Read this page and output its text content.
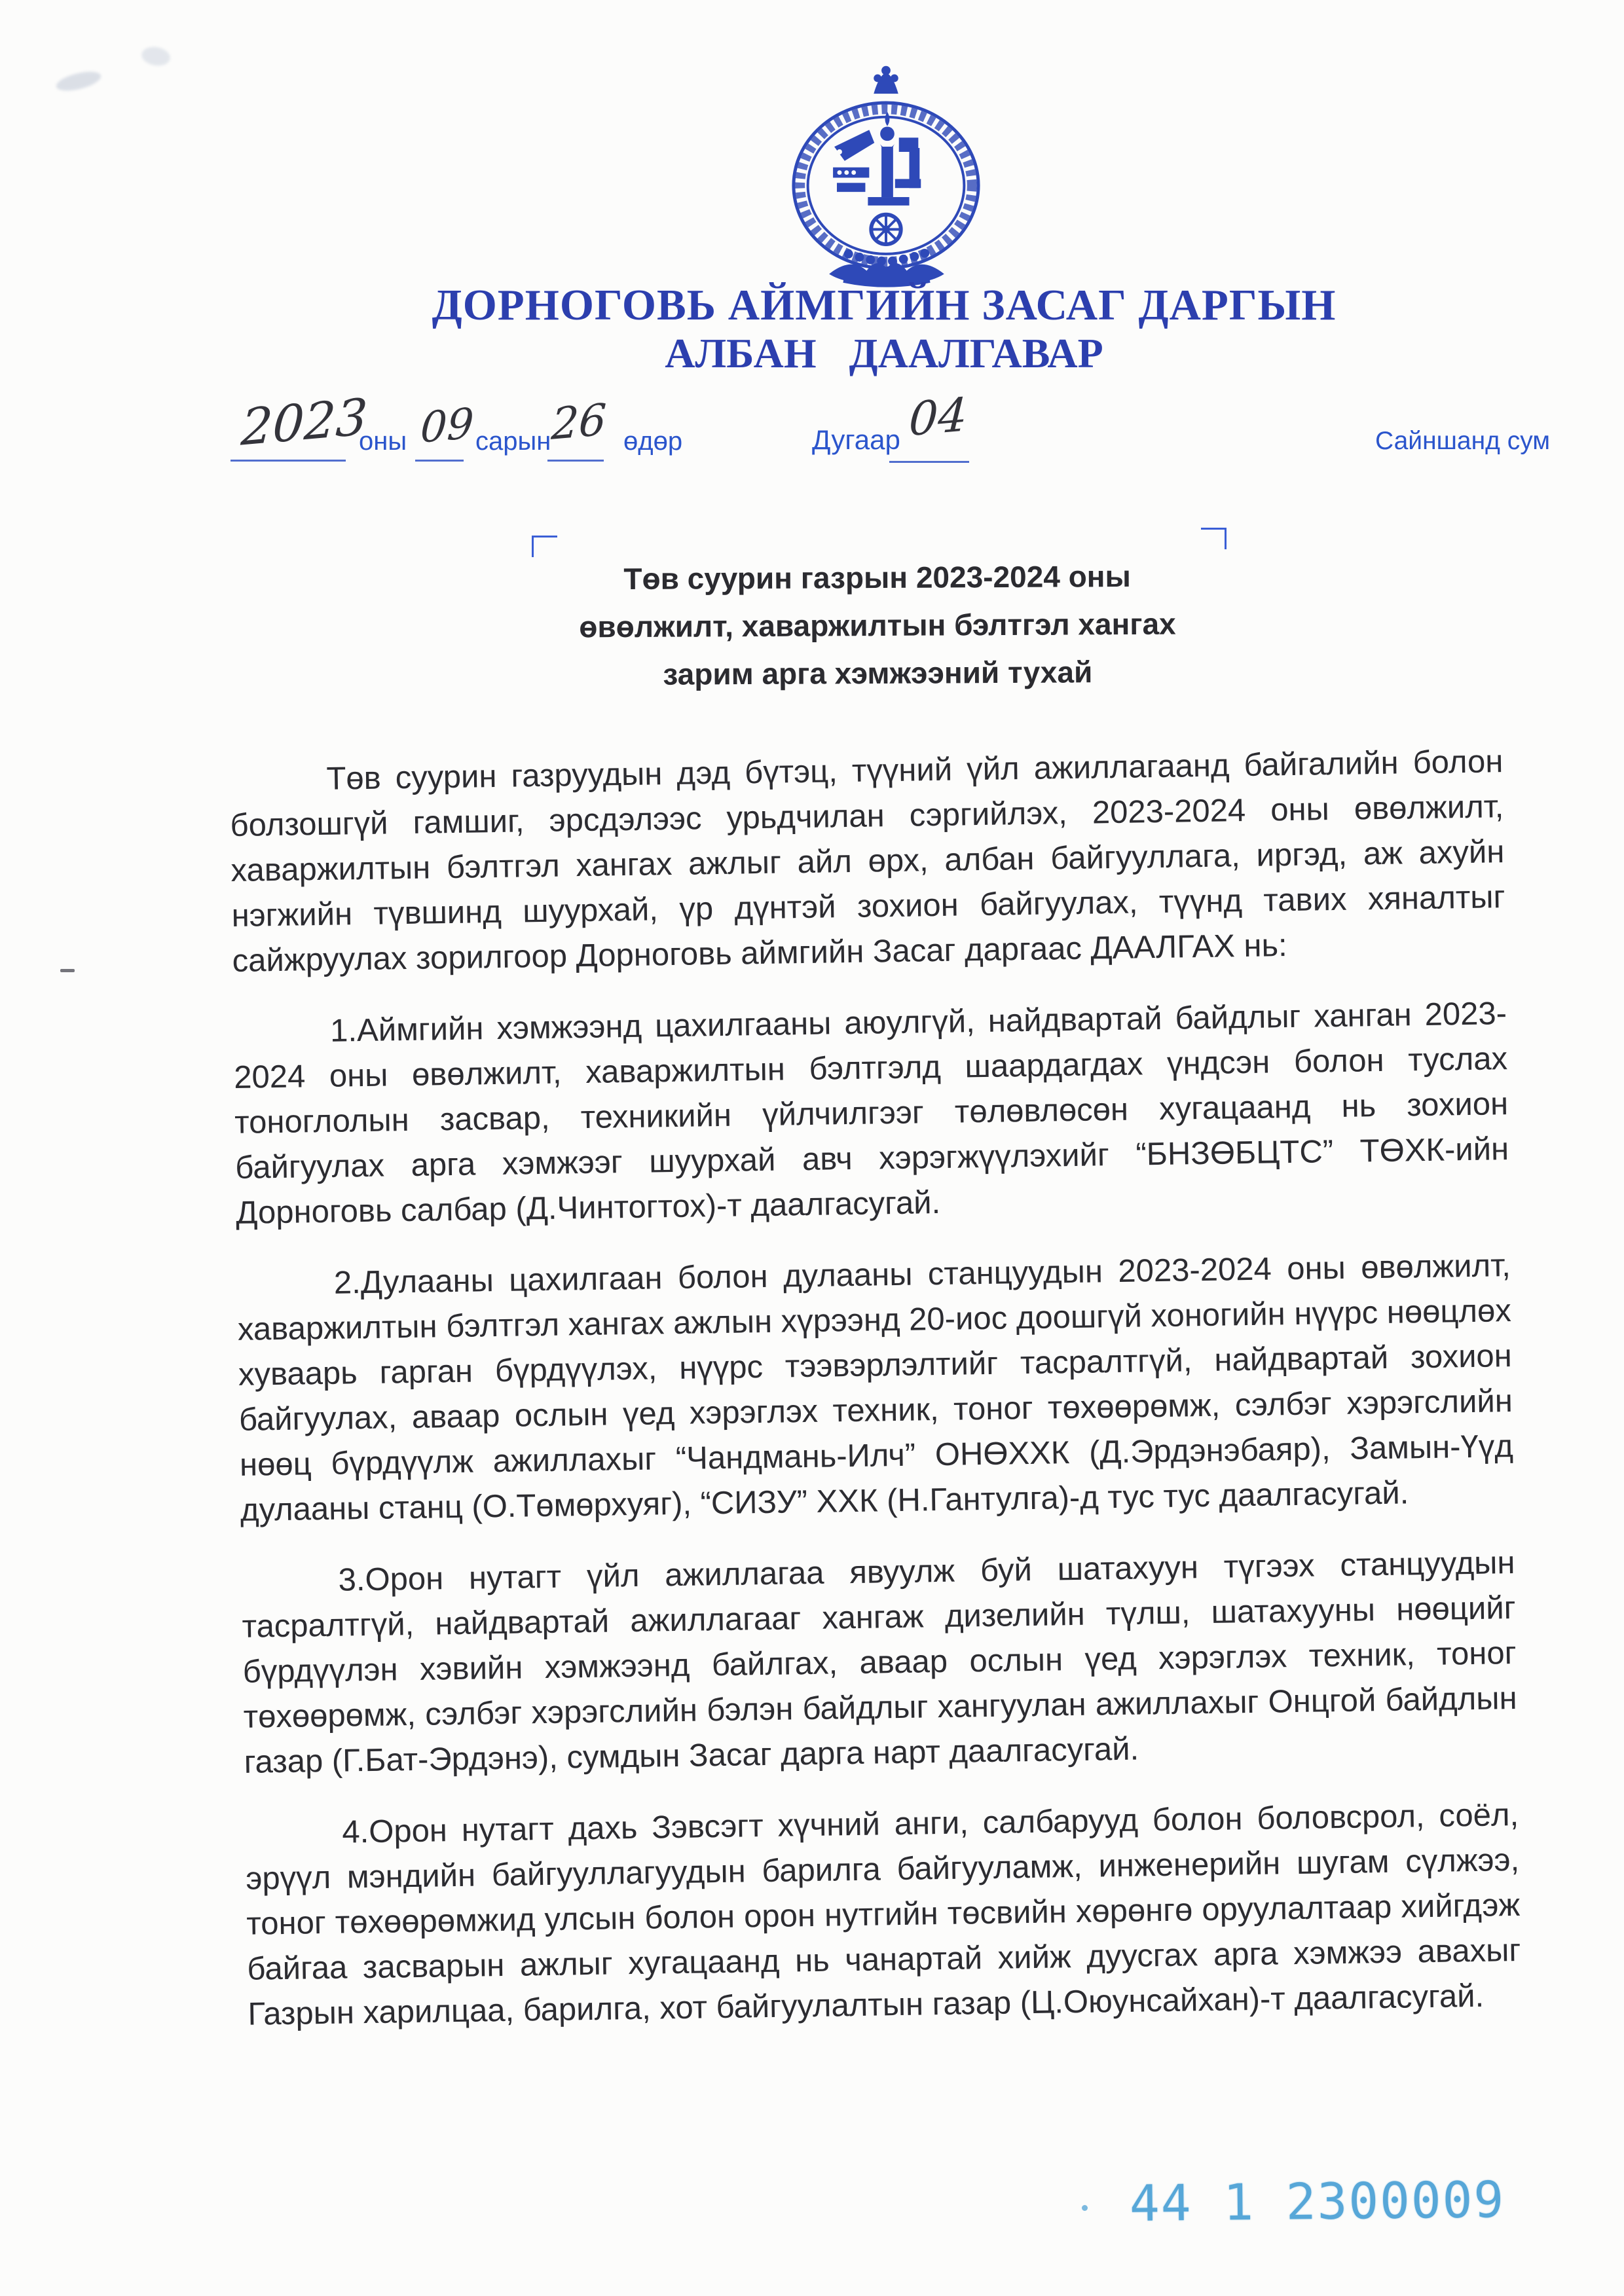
ДОРНОГОВЬ АЙМГИЙН ЗАСАГ ДАРГЫН
АЛБАН ДААЛГАВАР
2023
оны 09 сарын
26 өдөр	Дугаар 04	Сайншанд сум
Төв суурин газрын 2023-2024 оны
өвөлжилт, хаваржилтын бэлтгэл хангах
зарим арга хэмжээний тухай

Төв суурин газруудын дэд бүтэц, түүний үйл ажиллагаанд байгалийн болон болзошгүй гамшиг, эрсдэлээс урьдчилан сэргийлэх, 2023-2024 оны өвөлжилт, хаваржилтын бэлтгэл хангах ажлыг айл өрх, албан байгууллага, иргэд, аж ахуйн нэгжийн түвшинд шуурхай, үр дүнтэй зохион байгуулах, түүнд тавих хяналтыг сайжруулах зорилгоор Дорноговь аймгийн Засаг даргаас ДААЛГАХ нь:

1.Аймгийн хэмжээнд цахилгааны аюулгүй, найдвартай байдлыг ханган 2023-2024 оны өвөлжилт, хаваржилтын бэлтгэлд шаардагдах үндсэн болон туслах тоноглолын засвар, техникийн үйлчилгээг төлөвлөсөн хугацаанд нь зохион байгуулах арга хэмжээг шуурхай авч хэрэгжүүлэхийг “БНЗӨБЦТС” ТӨХК-ийн Дорноговь салбар (Д.Чинтогтох)-т даалгасугай.

2.Дулааны цахилгаан болон дулааны станцуудын 2023-2024 оны өвөлжилт, хаваржилтын бэлтгэл хангах ажлын хүрээнд 20-иос доошгүй хоногийн нүүрс нөөцлөх хуваарь гарган бүрдүүлэх, нүүрс тээвэрлэлтийг тасралтгүй, найдвартай зохион байгуулах, аваар ослын үед хэрэглэх техник, тоног төхөөрөмж, сэлбэг хэрэгслийн нөөц бүрдүүлж ажиллахыг “Чандмань-Илч” ОНӨХХК (Д.Эрдэнэбаяр), Замын-Үүд дулааны станц (О.Төмөрхуяг), “СИЗУ” ХХК (Н.Гантулга)-д тус тус даалгасугай.

3.Орон нутагт үйл ажиллагаа явуулж буй шатахуун түгээх станцуудын тасралтгүй, найдвартай ажиллагааг хангаж дизелийн түлш, шатахууны нөөцийг бүрдүүлэн хэвийн хэмжээнд байлгах, аваар ослын үед хэрэглэх техник, тоног төхөөрөмж, сэлбэг хэрэгслийн бэлэн байдлыг хангуулан ажиллахыг Онцгой байдлын газар (Г.Бат-Эрдэнэ), сумдын Засаг дарга нарт даалгасугай.

4.Орон нутагт дахь Зэвсэгт хүчний анги, салбарууд болон боловсрол, соёл, эрүүл мэндийн байгууллагуудын барилга байгууламж, инженерийн шугам сүлжээ, тоног төхөөрөмжид улсын болон орон нутгийн төсвийн хөрөнгө оруулалтаар хийгдэж байгаа засварын ажлыг хугацаанд нь чанартай хийж дуусгах арга хэмжээ авахыг Газрын харилцаа, барилга, хот байгуулалтын газар (Ц.Оюунсайхан)-т даалгасугай.

44 1 2300009
